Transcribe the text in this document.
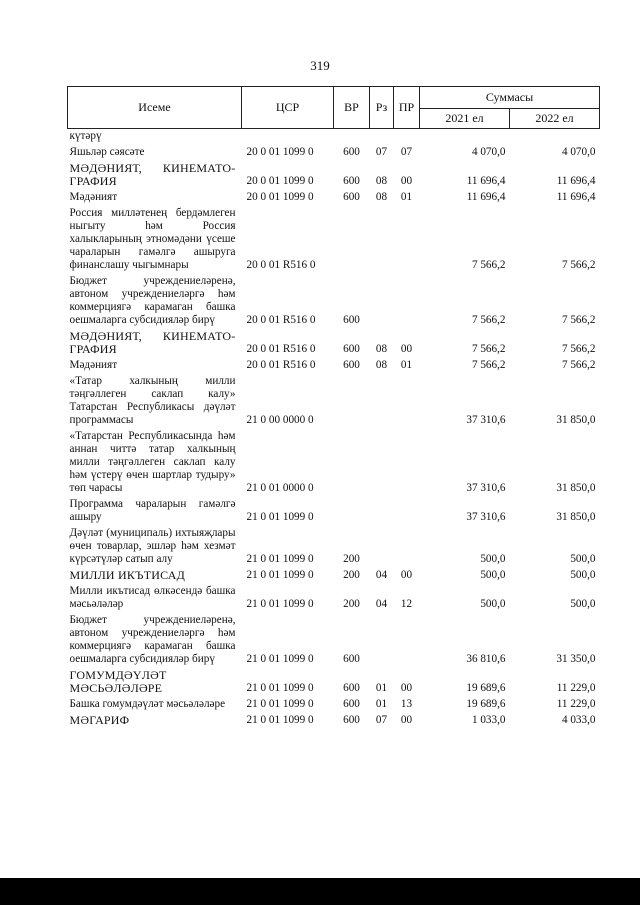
319
Исеме	ЦСР	ВР	Рз	ПР	Суммасы	
					2021 ел	2022 ел
күтәрү						
Яшьләр сәясәте	20 0 01 1099 0	600	07	07	4 070,0	4 070,0
МӘДӘНИЯТ, КИНЕМАТО-ГРАФИЯ	20 0 01 1099 0	600	08	00	11 696,4	11 696,4
Мәдәният	20 0 01 1099 0	600	08	01	11 696,4	11 696,4
Россия милләтенең бердәмлеген ныгыту һәм Россия халыкларының этномәдәни үсеше чараларын гамәлгә ашыруга финанслашу чыгымнары	20 0 01 R516 0				7 566,2	7 566,2
Бюджет учреждениеләренә, автоном учреждениеләргә һәм коммерциягә карамаган башка оешмаларга субсидияләр бирү	20 0 01 R516 0	600			7 566,2	7 566,2
МӘДӘНИЯТ, КИНЕМАТО-ГРАФИЯ	20 0 01 R516 0	600	08	00	7 566,2	7 566,2
Мәдәният	20 0 01 R516 0	600	08	01	7 566,2	7 566,2
«Татар халкының милли тәңгәллеген саклап калу» Татарстан Республикасы дәүләт программасы	21 0 00 0000 0				37 310,6	31 850,0
«Татарстан Республикасында һәм аннан читтә татар халкының милли тәңгәллеген саклап калу һәм үстерү өчен шартлар тудыру» төп чарасы	21 0 01 0000 0				37 310,6	31 850,0
Программа чараларын гамәлгә ашыру	21 0 01 1099 0				37 310,6	31 850,0
Дәүләт (муниципаль) ихтыяҗлары өчен товарлар, эшләр һәм хезмәт күрсәтүләр сатып алу	21 0 01 1099 0	200			500,0	500,0
МИЛЛИ ИКЪТИСАД	21 0 01 1099 0	200	04	00	500,0	500,0
Милли икътисад өлкәсендә башка мәсьәләләр	21 0 01 1099 0	200	04	12	500,0	500,0
Бюджет учреждениеләренә, автоном учреждениеләргә һәм коммерциягә карамаган башка оешмаларга субсидияләр бирү	21 0 01 1099 0	600			36 810,6	31 350,0
ГОМУМДӘҮЛӘТ МӘСЬӘЛӘЛӘРЕ	21 0 01 1099 0	600	01	00	19 689,6	11 229,0
Башка гомумдәүләт мәсьәләләре	21 0 01 1099 0	600	01	13	19 689,6	11 229,0
МӘГАРИФ	21 0 01 1099 0	600	07	00	1 033,0	4 033,0
